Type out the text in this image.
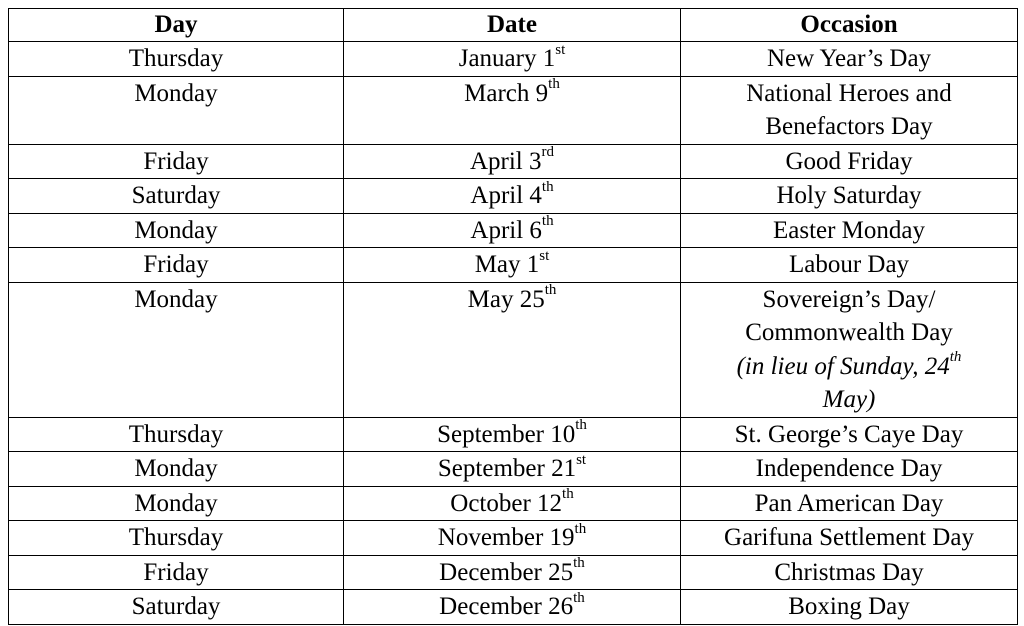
Day	Date	Occasion
Thursday	January 1st	New Year’s Day

Monday	March 9th	National Heroes and
Benefactors Day

Friday	April 3rd	Good Friday

Saturday	April 4th	Holy Saturday

Monday	April 6th	Easter Monday

Friday	May 1st	Labour Day

Monday	May 25th	Sovereign’s Day/
Commonwealth Day
(in lieu of Sunday, 24th
May)

Thursday	September 10th	St. George’s Caye Day

Monday	September 21st	Independence Day

Monday	October 12th	Pan American Day

Thursday	November 19th	Garifuna Settlement Day

Friday	December 25th	Christmas Day

Saturday	December 26th	Boxing Day
